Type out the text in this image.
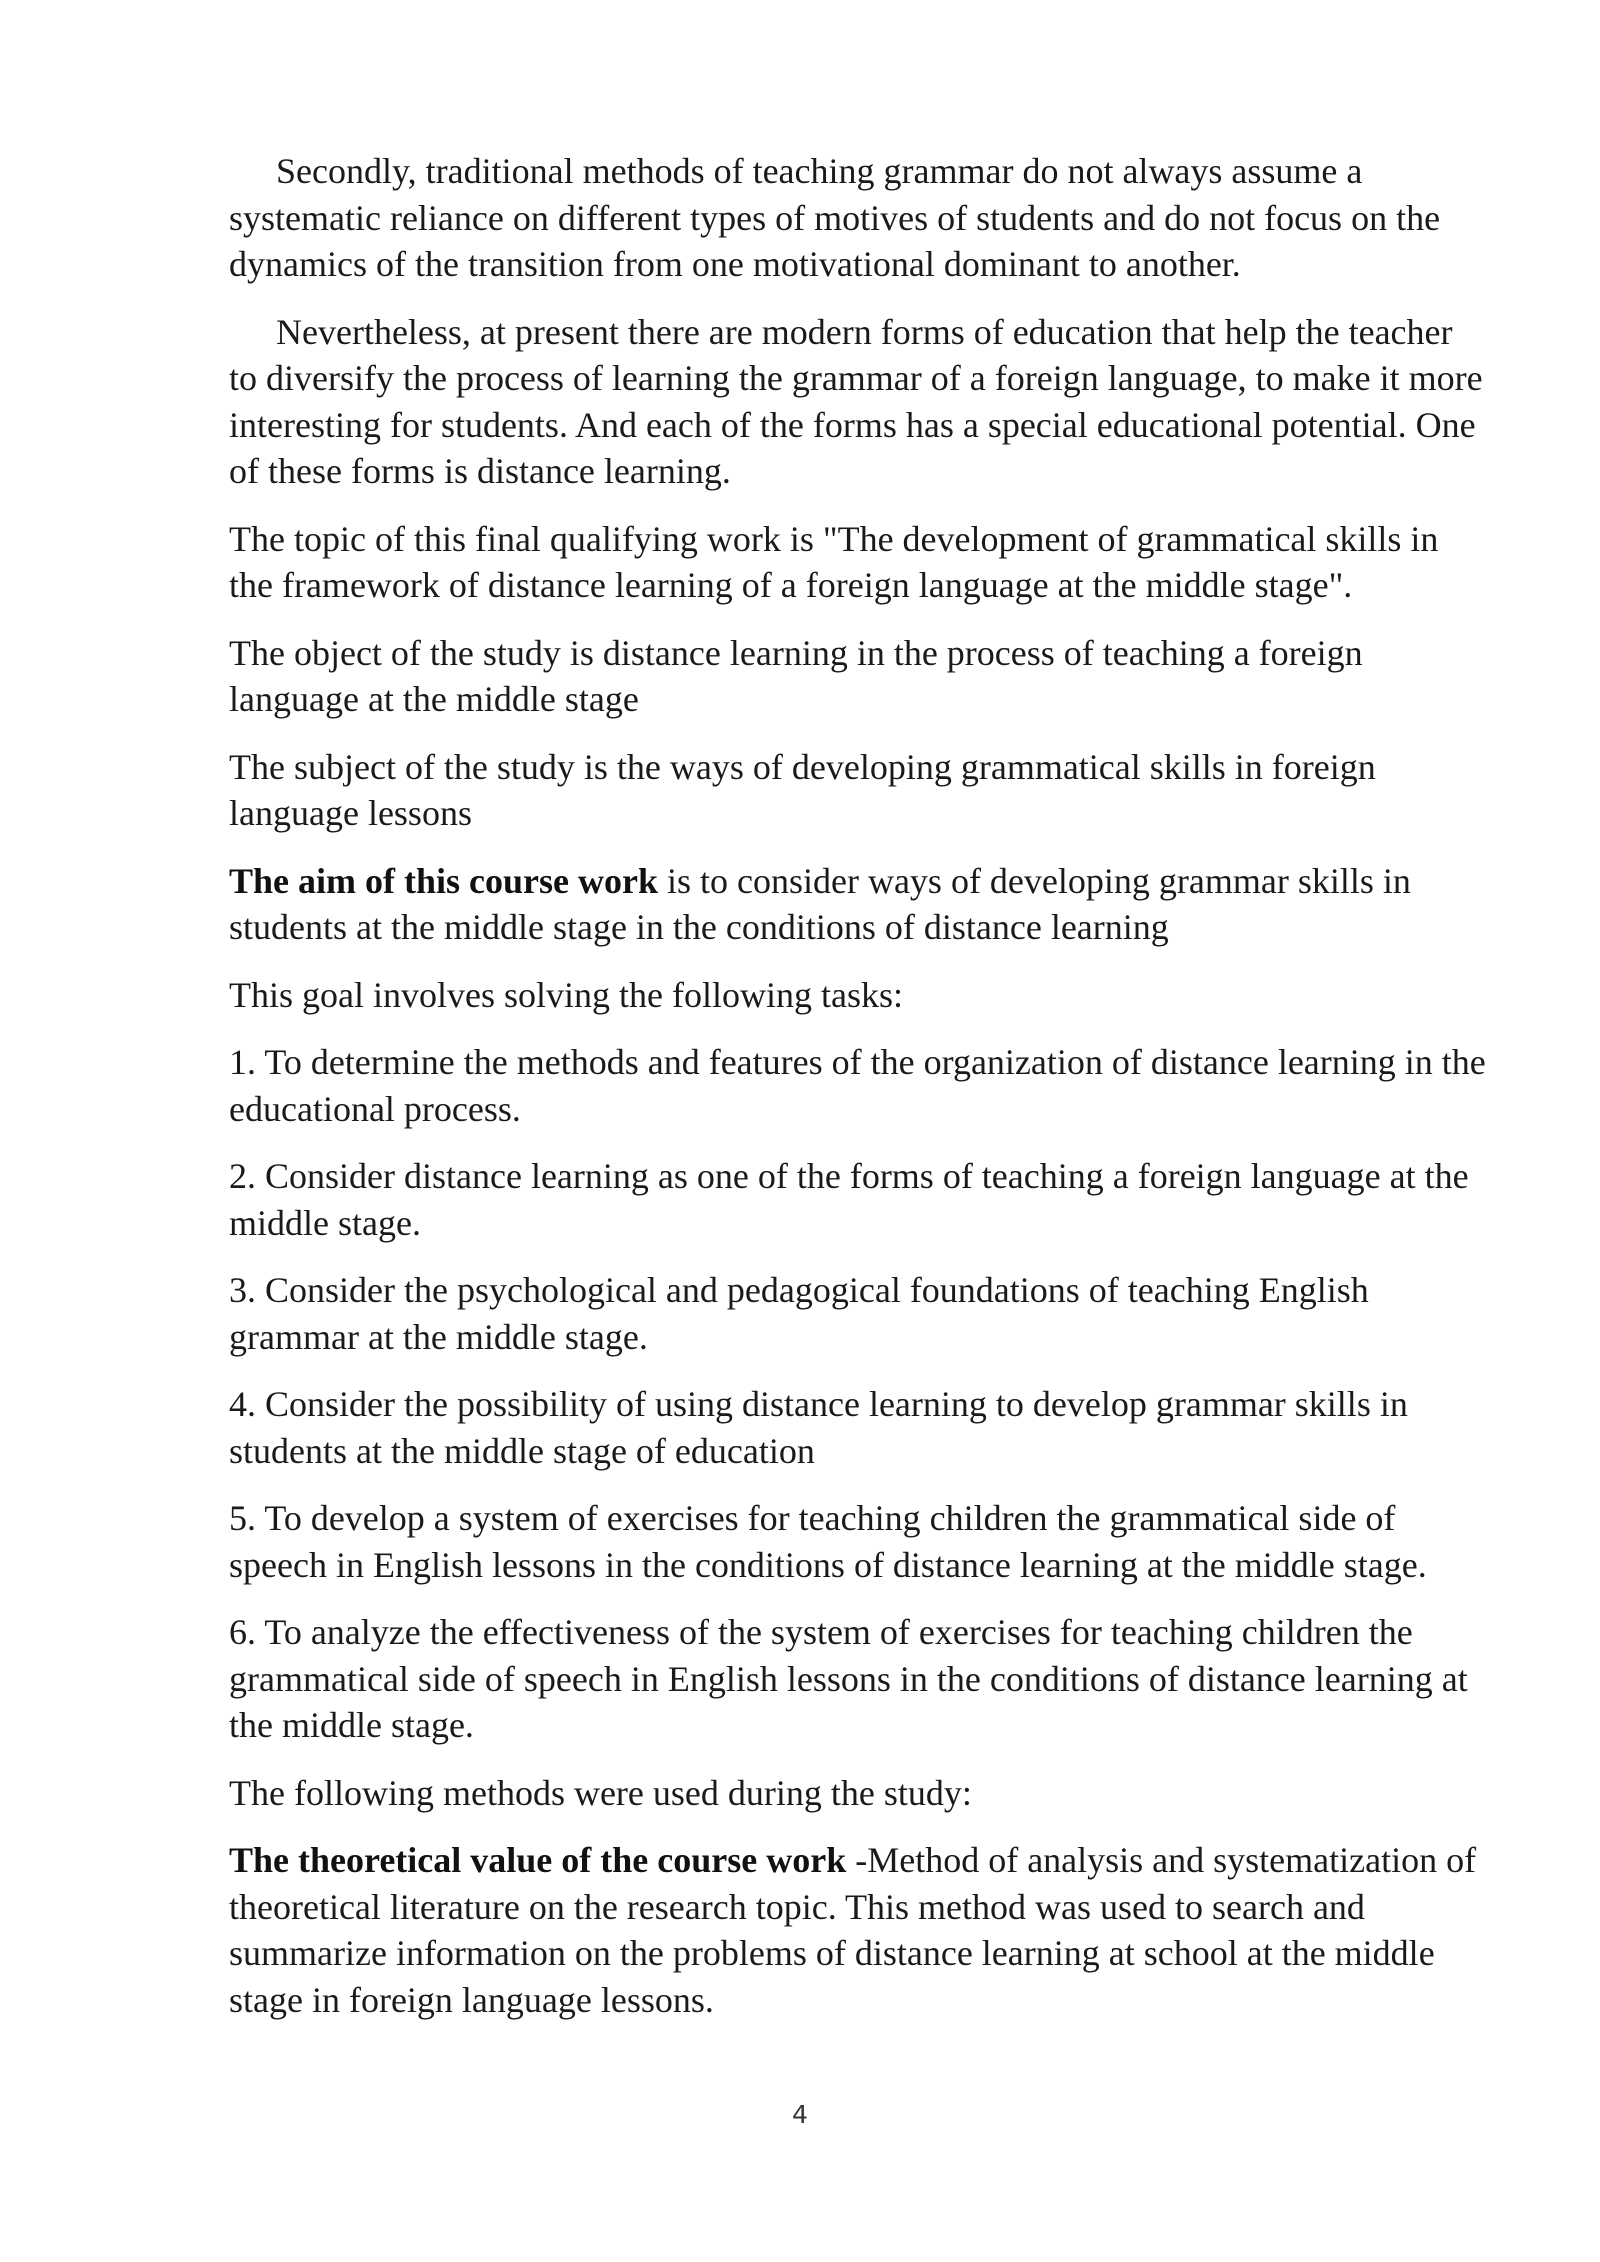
Secondly, traditional methods of teaching grammar do not always assume a systematic reliance on different types of motives of students and do not focus on the dynamics of the transition from one motivational dominant to another.

Nevertheless, at present there are modern forms of education that help the teacher to diversify the process of learning the grammar of a foreign language, to make it more interesting for students. And each of the forms has a special educational potential. One of these forms is distance learning.

The topic of this final qualifying work is "The development of grammatical skills in the framework of distance learning of a foreign language at the middle stage".

The object of the study is distance learning in the process of teaching a foreign language at the middle stage

The subject of the study is the ways of developing grammatical skills in foreign language lessons

The aim of this course work is to consider ways of developing grammar skills in students at the middle stage in the conditions of distance learning

This goal involves solving the following tasks:

1. To determine the methods and features of the organization of distance learning in the educational process.

2. Consider distance learning as one of the forms of teaching a foreign language at the middle stage.

3. Consider the psychological and pedagogical foundations of teaching English grammar at the middle stage.

4. Consider the possibility of using distance learning to develop grammar skills in students at the middle stage of education

5. To develop a system of exercises for teaching children the grammatical side of speech in English lessons in the conditions of distance learning at the middle stage.

6. To analyze the effectiveness of the system of exercises for teaching children the grammatical side of speech in English lessons in the conditions of distance learning at the middle stage.

The following methods were used during the study:

The theoretical value of the course work -Method of analysis and systematization of theoretical literature on the research topic. This method was used to search and summarize information on the problems of distance learning at school at the middle stage in foreign language lessons.

4
